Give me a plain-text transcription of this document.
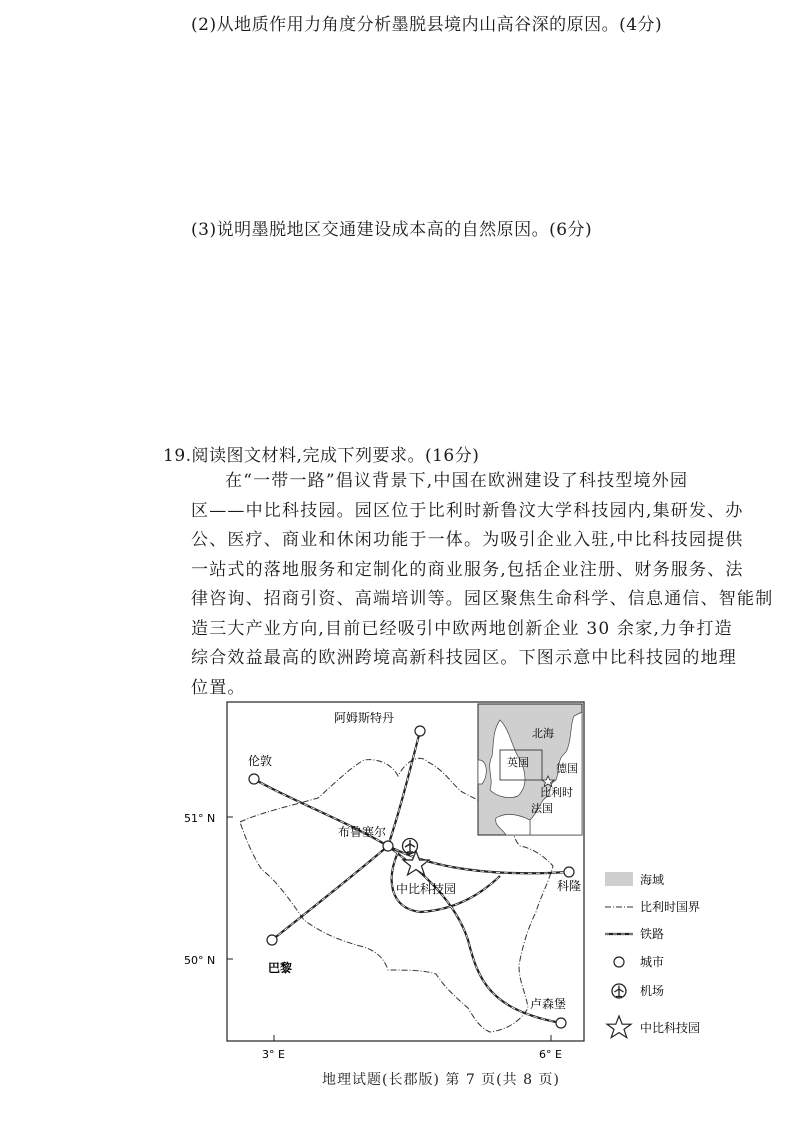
(2)从地质作用力角度分析墨脱县境内山高谷深的原因。(4分)
(3)说明墨脱地区交通建设成本高的自然原因。(6分)
19.阅读图文材料,完成下列要求。(16分)
在“一带一路”倡议背景下,中国在欧洲建设了科技型境外园
区——中比科技园。园区位于比利时新鲁汶大学科技园内,集研发、办
公、医疗、商业和休闲功能于一体。为吸引企业入驻,中比科技园提供
一站式的落地服务和定制化的商业服务,包括企业注册、财务服务、法
律咨询、招商引资、高端培训等。园区聚焦生命科学、信息通信、智能制
造三大产业方向,目前已经吸引中欧两地创新企业 30 余家,力争打造
综合效益最高的欧洲跨境高新科技园区。下图示意中比科技园的地理
位置。
51° N
50° N
3° E	6° E
阿姆斯特丹
伦敦
布鲁塞尔
科隆
巴黎
卢森堡
中比科技园
北海
英国 德国
比利时
法国
海域
比利时国界
铁路
城市
机场
中比科技园
地理试题(长郡版) 第 7 页(共 8 页)
